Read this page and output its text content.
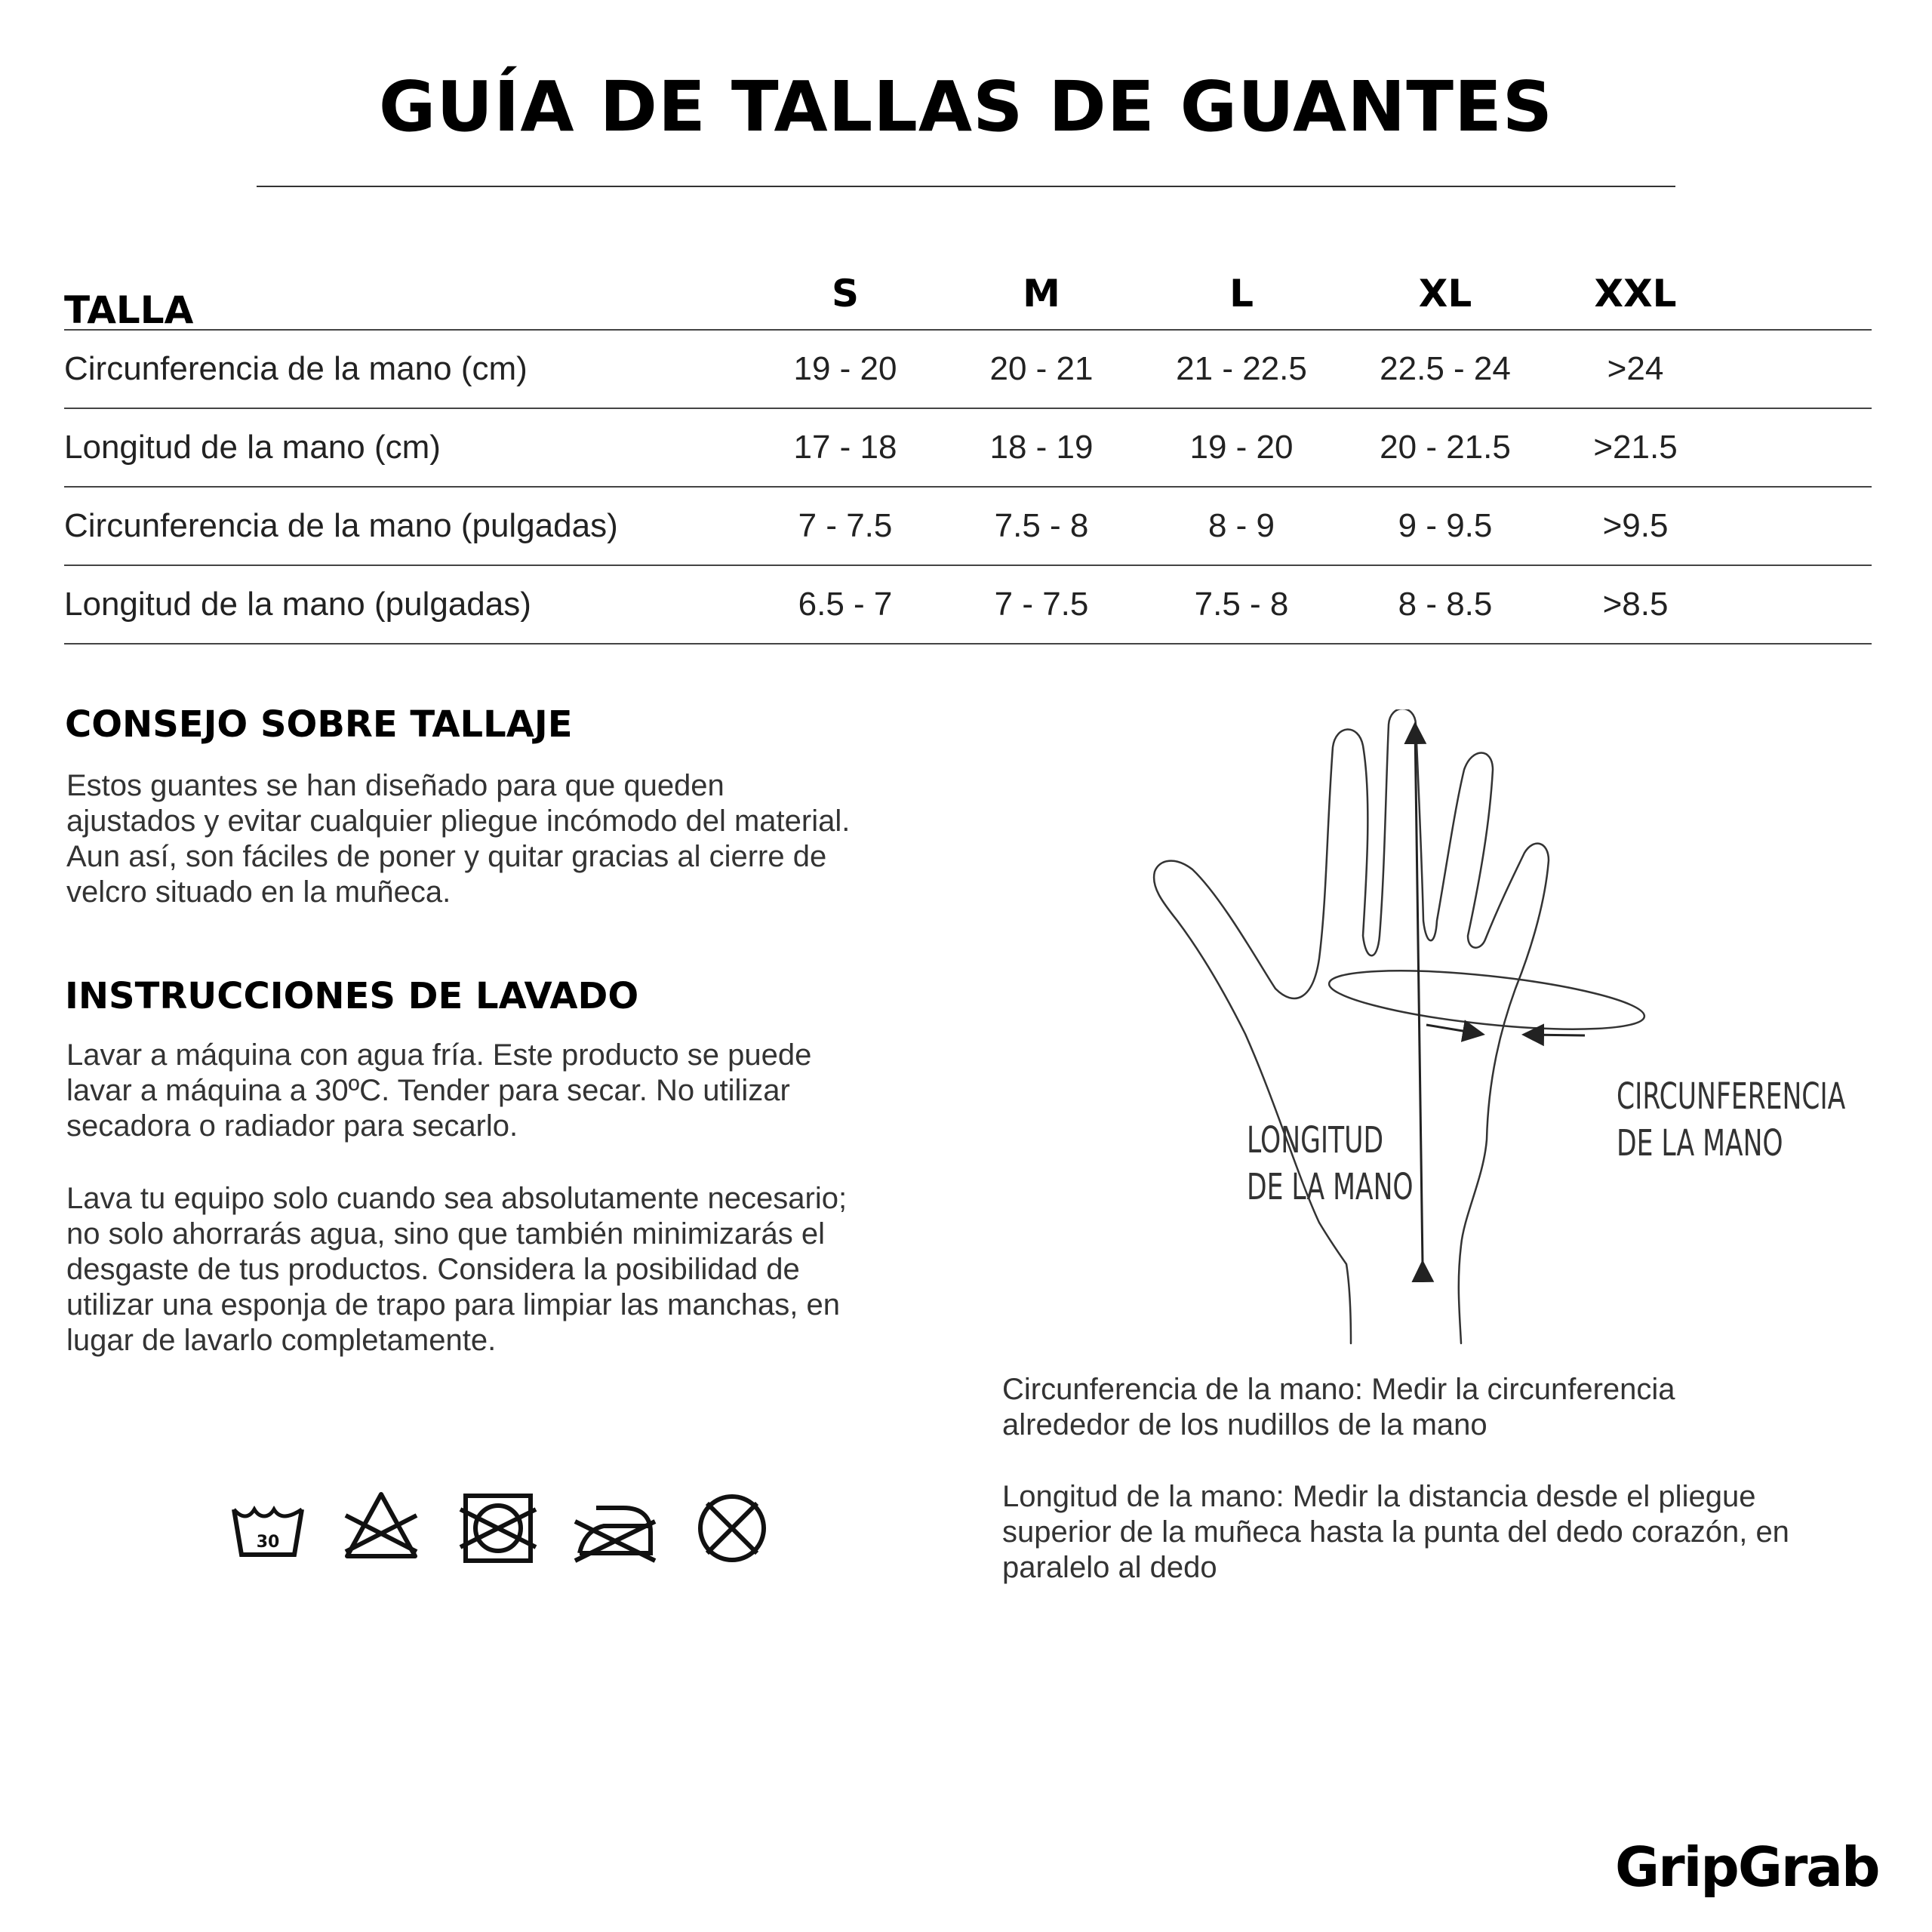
GUÍA DE TALLAS DE GUANTES
TALLA	S	M	L	XL	XXL
Circunferencia de la mano (cm)	19 - 20	20 - 21	21 - 22.5	22.5 - 24	>24
Longitud de la mano (cm)	17 - 18	18 - 19	19 - 20	20 - 21.5	>21.5
Circunferencia de la mano (pulgadas)	7 - 7.5	7.5 - 8	8 - 9	9 - 9.5	>9.5
Longitud de la mano (pulgadas)	6.5 - 7	7 - 7.5	7.5 - 8	8 - 8.5	>8.5
CONSEJO SOBRE TALLAJE

Estos guantes se han diseñado para que queden ajustados y evitar cualquier pliegue incómodo del material. Aun así, son fáciles de poner y quitar gracias al cierre de velcro situado en la muñeca.

INSTRUCCIONES DE LAVADO

Lavar a máquina con agua fría. Este producto se puede lavar a máquina a 30ºC. Tender para secar. No utilizar secadora o radiador para secarlo.

Lava tu equipo solo cuando sea absolutamente necesario; no solo ahorrarás agua, sino que también minimizarás el desgaste de tus productos. Considera la posibilidad de utilizar una esponja de trapo para limpiar las manchas, en lugar de lavarlo completamente.

30

LONGITUD
DE LA MANO

CIRCUNFERENCIA
DE LA MANO

Circunferencia de la mano: Medir la circunferencia alrededor de los nudillos de la mano

Longitud de la mano: Medir la distancia desde el pliegue superior de la muñeca hasta la punta del dedo corazón, en paralelo al dedo

GripGrab
